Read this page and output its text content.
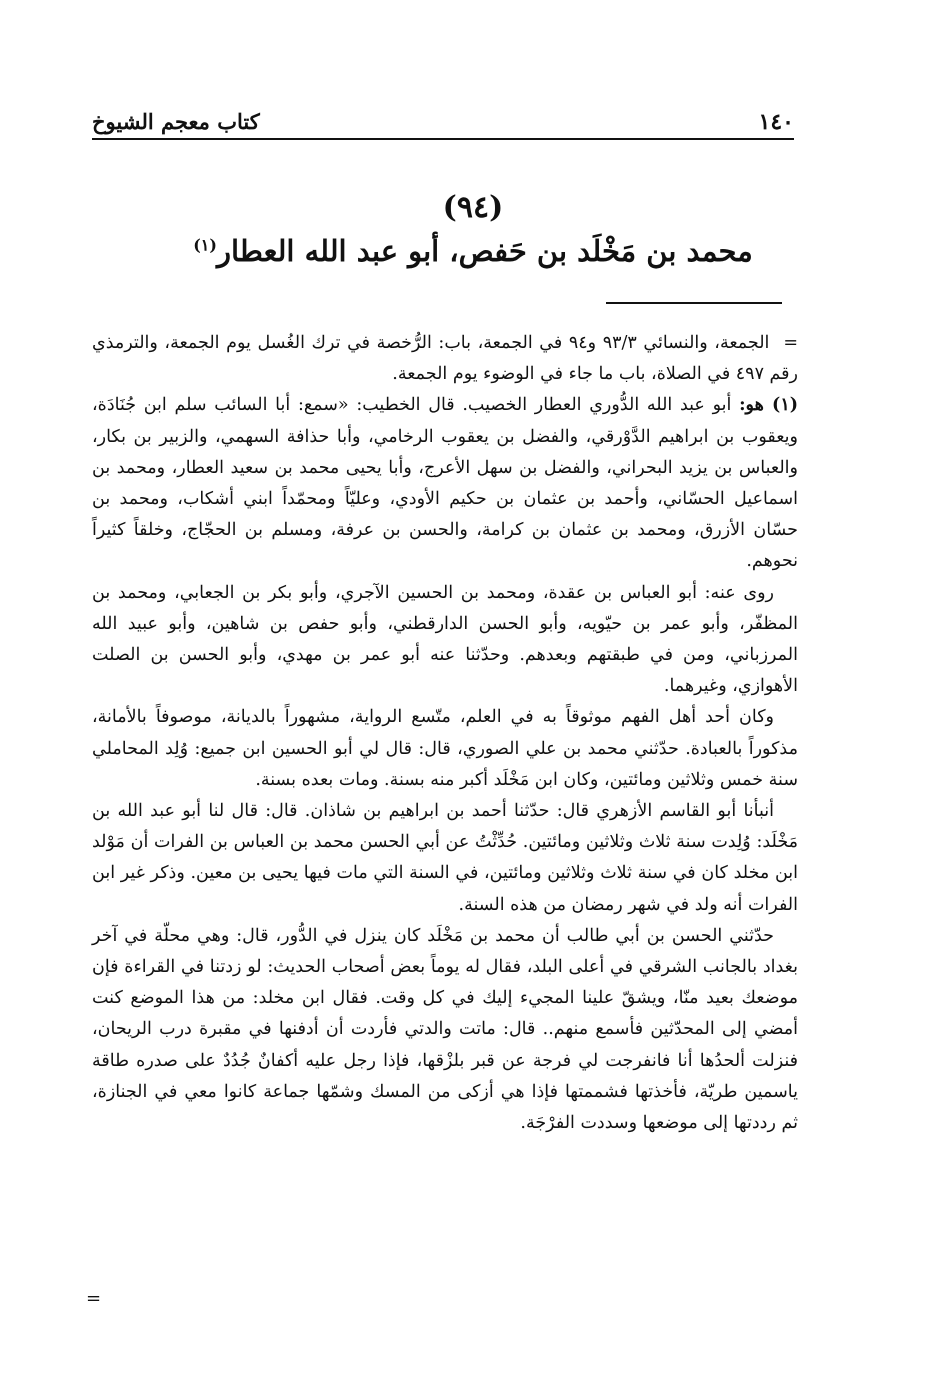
١٤٠
كتاب معجم الشيوخ
(٩٤)
محمد بن مَخْلَد بن حَفص، أبو عبد الله العطار$^{(١)}$

= الجمعة، والنسائي ٩٣/٣ و٩٤ في الجمعة، باب: الرُّخصة في ترك الغُسل يوم الجمعة، والترمذي رقم ٤٩٧ في الصلاة، باب ما جاء في الوضوء يوم الجمعة.

(١) هو: أبو عبد الله الدُّوري العطار الخصيب. قال الخطيب: «سمع: أبا السائب سلم ابن جُنَادَة، ويعقوب بن ابراهيم الدَّوْرقي، والفضل بن يعقوب الرخامي، وأبا حذافة السهمي، والزبير بن بكار، والعباس بن يزيد البحراني، والفضل بن سهل الأعرج، وأبا يحيى محمد بن سعيد العطار، ومحمد بن اسماعيل الحسّاني، وأحمد بن عثمان بن حكيم الأودي، وعليّاً ومحمّداً ابني أشكاب، ومحمد بن حسّان الأزرق، ومحمد بن عثمان بن كرامة، والحسن بن عرفة، ومسلم بن الحجّاج، وخلقاً كثيراً نحوهم.

روى عنه: أبو العباس بن عقدة، ومحمد بن الحسين الآجري، وأبو بكر بن الجعابي، ومحمد بن المظفّر، وأبو عمر بن حيّويه، وأبو الحسن الدارقطني، وأبو حفص بن شاهين، وأبو عبيد الله المرزباني، ومن في طبقتهم وبعدهم. وحدّثنا عنه أبو عمر بن مهدي، وأبو الحسن بن الصلت الأهوازي، وغيرهما.

وكان أحد أهل الفهم موثوقاً به في العلم، متّسع الرواية، مشهوراً بالديانة، موصوفاً بالأمانة، مذكوراً بالعبادة. حدّثني محمد بن علي الصوري، قال: قال لي أبو الحسين ابن جميع: وُلِد المحاملي سنة خمس وثلاثين ومائتين، وكان ابن مَخْلَد أكبر منه بسنة. ومات بعده بسنة.

أنبأنا أبو القاسم الأزهري قال: حدّثنا أحمد بن ابراهيم بن شاذان. قال: قال لنا أبو عبد الله بن مَخْلَد: وُلِدت سنة ثلاث وثلاثين ومائتين. حُدِّثْتُ عن أبي الحسن محمد بن العباس بن الفرات أن مَوْلد ابن مخلد كان في سنة ثلاث وثلاثين ومائتين، في السنة التي مات فيها يحيى بن معين. وذكر غير ابن الفرات أنه ولد في شهر رمضان من هذه السنة.

حدّثني الحسن بن أبي طالب أن محمد بن مَخْلَد كان ينزل في الدُّور، قال: وهي محلّة في آخر بغداد بالجانب الشرقي في أعلى البلد، فقال له يوماً بعض أصحاب الحديث: لو زدتنا في القراءة فإن موضعك بعيد منّا، ويشقّ علينا المجيء إليك في كل وقت. فقال ابن مخلد: من هذا الموضع كنت أمضي إلى المحدّثين فأسمع منهم.. قال: ماتت والدتي فأردت أن أدفنها في مقبرة درب الريحان، فنزلت ألحدُها أنا فانفرجت لي فرجة عن قبر بلزْقها، فإذا رجل عليه أكفانٌ جُدُدٌ على صدره طاقة ياسمين طريّة، فأخذتها فشممتها فإذا هي أزكى من المسك وشمّها جماعة كانوا معي في الجنازة، ثم رددتها إلى موضعها وسددت الفرْجَة.

=
